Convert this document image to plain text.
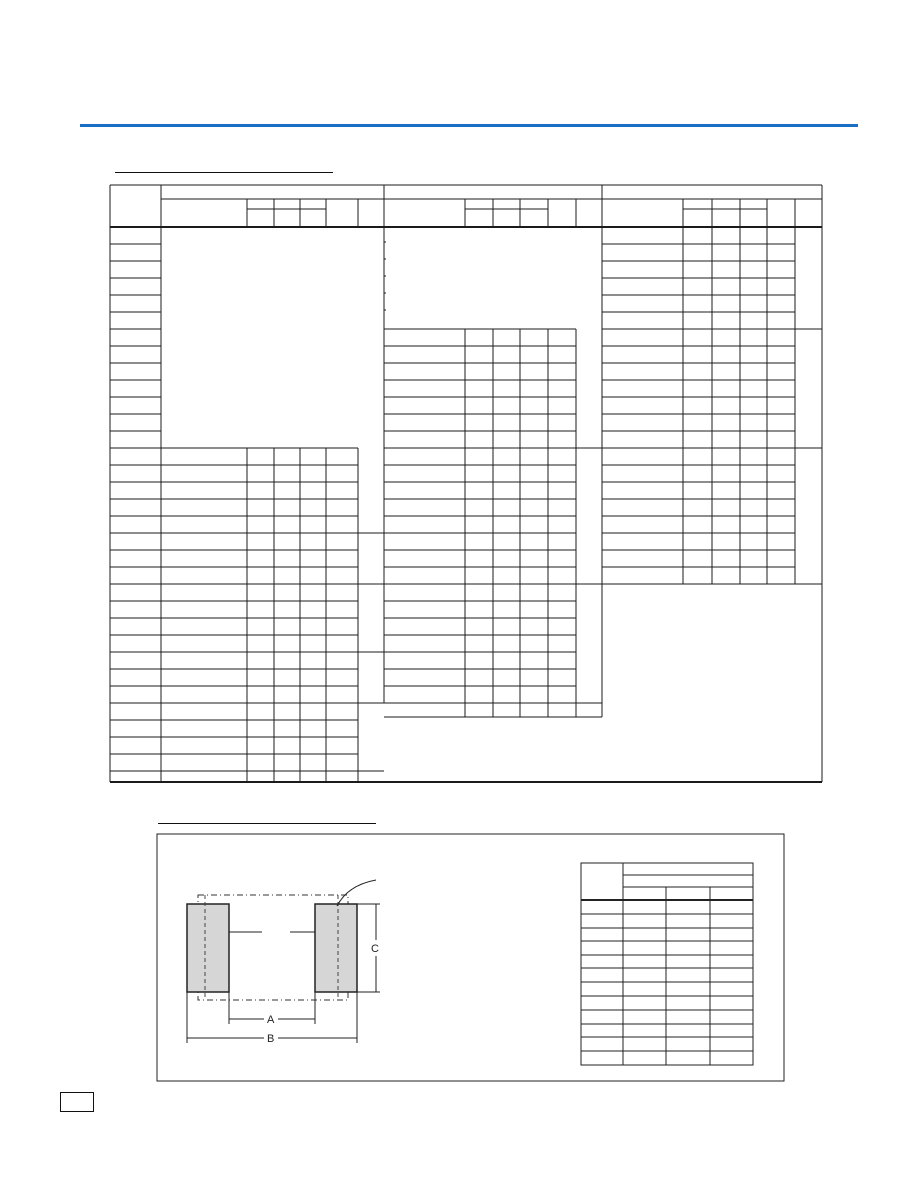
C
A
B
